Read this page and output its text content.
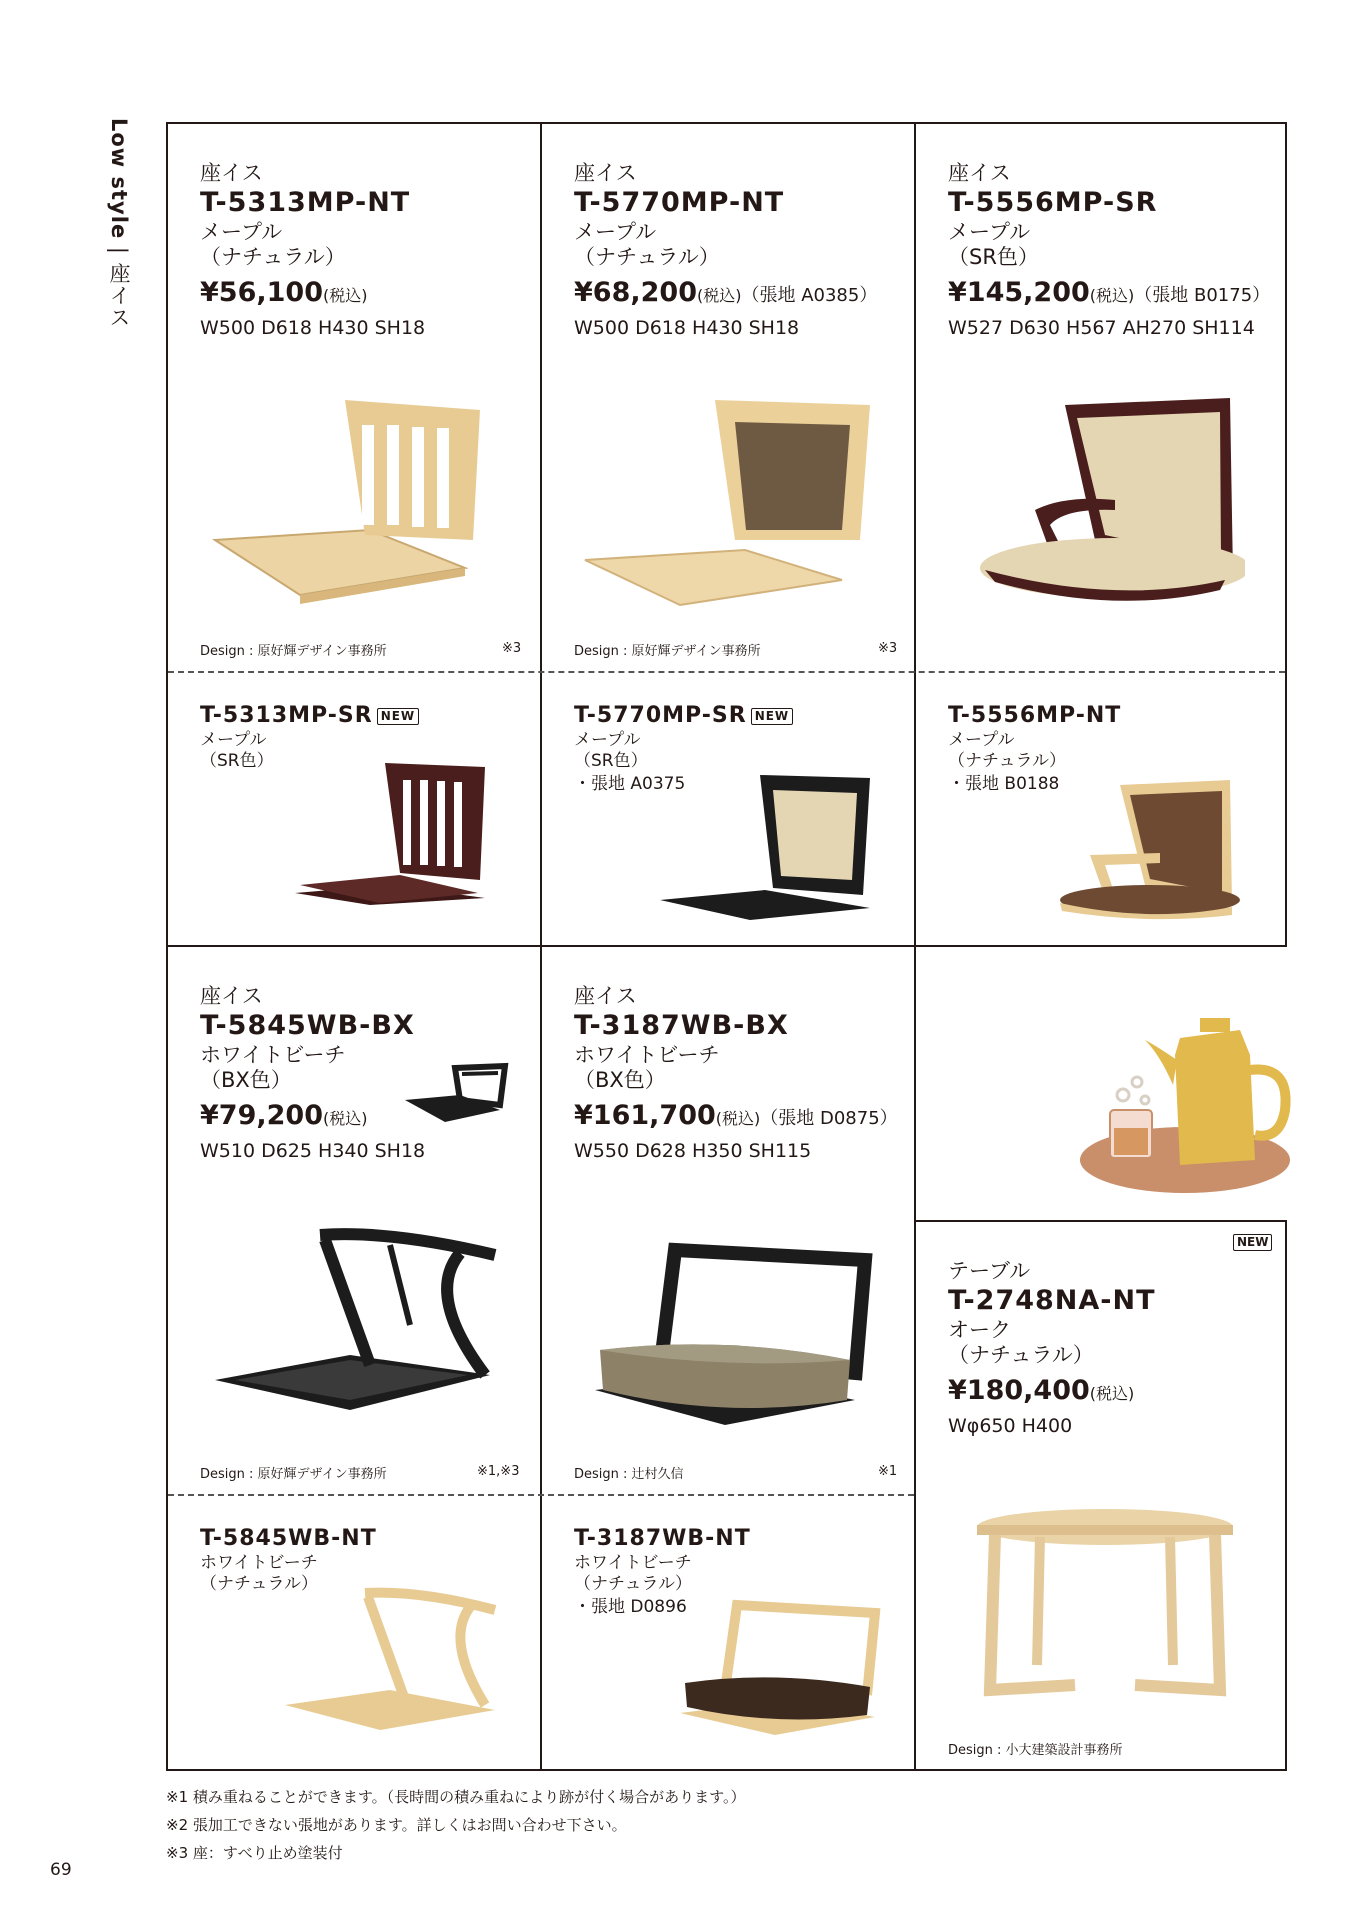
Low style | 座イス
座イス
T-5313MP-NT
メープル
（ナチュラル）
¥56,100(税込)
W500 D618 H430 SH18
Design : 原好輝デザイン事務所	※3
座イス
T-5770MP-NT
メープル
（ナチュラル）
¥68,200(税込)（張地 A0385）
W500 D618 H430 SH18
Design : 原好輝デザイン事務所	※3
座イス
T-5556MP-SR
メープル
（SR色）
¥145,200(税込)（張地 B0175）
W527 D630 H567 AH270 SH114
T-5313MP-SR NEW
メープル
（SR色）
T-5770MP-SR NEW
メープル
（SR色）
・張地 A0375
T-5556MP-NT
メープル
（ナチュラル）
・張地 B0188
座イス
T-5845WB-BX
ホワイトビーチ
（BX色）
¥79,200(税込)
W510 D625 H340 SH18
Design : 原好輝デザイン事務所	※1,※3
座イス
T-3187WB-BX
ホワイトビーチ
（BX色）
¥161,700(税込)（張地 D0875）
W550 D628 H350 SH115
Design : 辻村久信	※1
T-5845WB-NT
ホワイトビーチ
（ナチュラル）
T-3187WB-NT
ホワイトビーチ
（ナチュラル）
・張地 D0896
テーブル
T-2748NA-NT
オーク
（ナチュラル）
¥180,400(税込)
Wφ650 H400
NEW
Design : 小大建築設計事務所
※1 積み重ねることができます。（長時間の積み重ねにより跡が付く場合があります。）
※2 張加工できない張地があります。詳しくはお問い合わせ下さい。
※3 座：すべり止め塗装付
69
